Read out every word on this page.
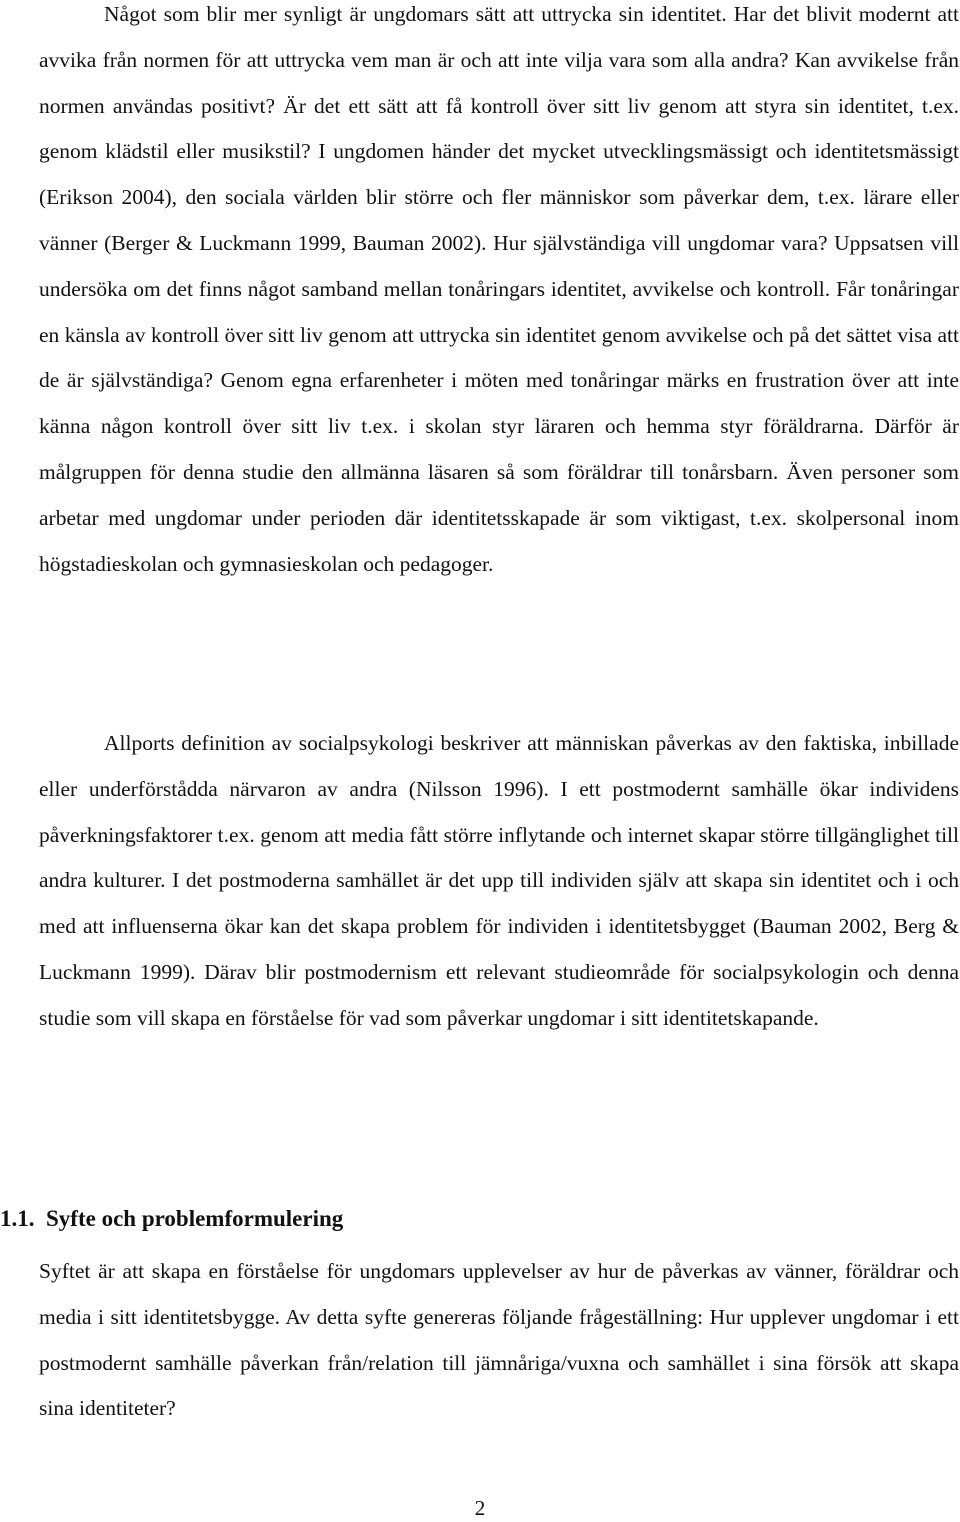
Något som blir mer synligt är ungdomars sätt att uttrycka sin identitet. Har det blivit modernt att avvika från normen för att uttrycka vem man är och att inte vilja vara som alla andra? Kan avvikelse från normen användas positivt? Är det ett sätt att få kontroll över sitt liv genom att styra sin identitet, t.ex. genom klädstil eller musikstil? I ungdomen händer det mycket utvecklingsmässigt och identitetsmässigt (Erikson 2004), den sociala världen blir större och fler människor som påverkar dem, t.ex. lärare eller vänner (Berger & Luckmann 1999, Bauman 2002). Hur självständiga vill ungdomar vara? Uppsatsen vill undersöka om det finns något samband mellan tonåringars identitet, avvikelse och kontroll. Får tonåringar en känsla av kontroll över sitt liv genom att uttrycka sin identitet genom avvikelse och på det sättet visa att de är självständiga? Genom egna erfarenheter i möten med tonåringar märks en frustration över att inte känna någon kontroll över sitt liv t.ex. i skolan styr läraren och hemma styr föräldrarna. Därför är målgruppen för denna studie den allmänna läsaren så som föräldrar till tonårsbarn. Även personer som arbetar med ungdomar under perioden där identitetsskapade är som viktigast, t.ex. skolpersonal inom högstadieskolan och gymnasieskolan och pedagoger.

Allports definition av socialpsykologi beskriver att människan påverkas av den faktiska, inbillade eller underförstådda närvaron av andra (Nilsson 1996). I ett postmodernt samhälle ökar individens påverkningsfaktorer t.ex. genom att media fått större inflytande och internet skapar större tillgänglighet till andra kulturer. I det postmoderna samhället är det upp till individen själv att skapa sin identitet och i och med att influenserna ökar kan det skapa problem för individen i identitetsbygget (Bauman 2002, Berg & Luckmann 1999). Därav blir postmodernism ett relevant studieområde för socialpsykologin och denna studie som vill skapa en förståelse för vad som påverkar ungdomar i sitt identitetskapande.

1.1. Syfte och problemformulering

Syftet är att skapa en förståelse för ungdomars upplevelser av hur de påverkas av vänner, föräldrar och media i sitt identitetsbygge. Av detta syfte genereras följande frågeställning: Hur upplever ungdomar i ett postmodernt samhälle påverkan från/relation till jämnåriga/vuxna och samhället i sina försök att skapa sina identiteter?

2
